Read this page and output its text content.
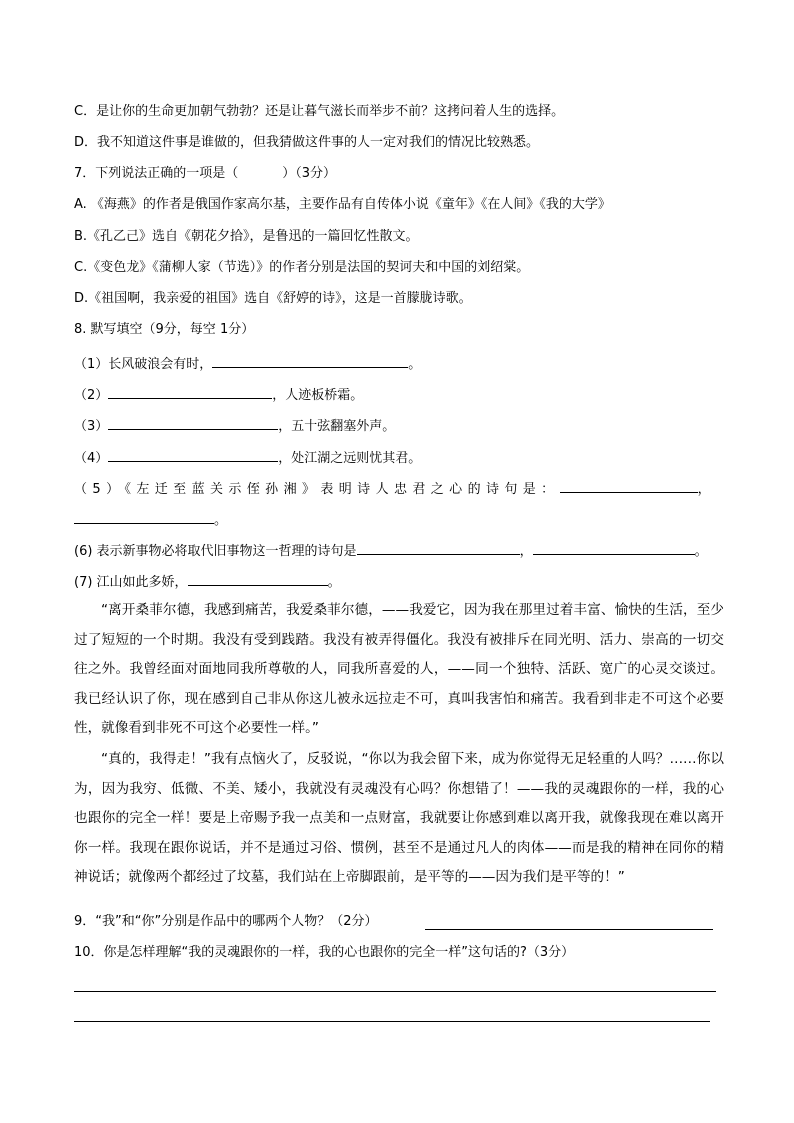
C．是让你的生命更加朝气勃勃？还是让暮气滋长而举步不前？这拷问着人生的选择。
D．我不知道这件事是谁做的，但我猜做这件事的人一定对我们的情况比较熟悉。
7．下列说法正确的一项是（	）（3分）
A. 《海燕》的作者是俄国作家高尔基，主要作品有自传体小说《童年》《在人间》《我的大学》
B.《孔乙己》选自《朝花夕拾》，是鲁迅的一篇回忆性散文。
C.《变色龙》《蒲柳人家（节选）》的作者分别是法国的契诃夫和中国的刘绍棠。
D.《祖国啊，我亲爱的祖国》选自《舒婷的诗》，这是一首朦胧诗歌。
8. 默写填空（9分，每空 1分）
（1）长风破浪会有时，	。
（2）	，人迹板桥霜。
（3）	，五十弦翻塞外声。
（4）	，处江湖之远则忧其君。
（5）《左迁至蓝关示侄孙湘》表明诗人忠君之心的诗句是：	，
。
(6) 表示新事物必将取代旧事物这一哲理的诗句是	，	。
(7) 江山如此多娇，	。
“离开桑菲尔德，我感到痛苦，我爱桑菲尔德，——我爱它，因为我在那里过着丰富、愉快的生活，至少过了短短的一个时期。我没有受到践踏。我没有被弄得僵化。我没有被排斥在同光明、活力、崇高的一切交往之外。我曾经面对面地同我所尊敬的人，同我所喜爱的人，——同一个独特、活跃、宽广的心灵交谈过。我已经认识了你，现在感到自己非从你这儿被永远拉走不可，真叫我害怕和痛苦。我看到非走不可这个必要性，就像看到非死不可这个必要性一样。”
“真的，我得走！”我有点恼火了，反驳说，“你以为我会留下来，成为你觉得无足轻重的人吗？……你以为，因为我穷、低微、不美、矮小，我就没有灵魂没有心吗？你想错了！——我的灵魂跟你的一样，我的心也跟你的完全一样！要是上帝赐予我一点美和一点财富，我就要让你感到难以离开我，就像我现在难以离开你一样。我现在跟你说话，并不是通过习俗、惯例，甚至不是通过凡人的肉体——而是我的精神在同你的精神说话；就像两个都经过了坟墓，我们站在上帝脚跟前，是平等的——因为我们是平等的！”
9．“我”和“你”分别是作品中的哪两个人物？（2分）
10．你是怎样理解“我的灵魂跟你的一样，我的心也跟你的完全一样”这句话的?（3分）
